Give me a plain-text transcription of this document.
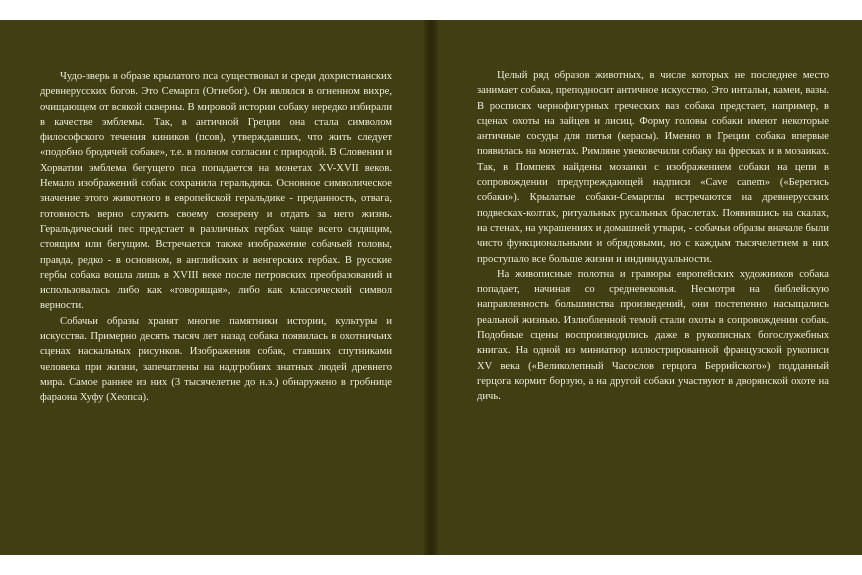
Чудо-зверь в образе крылатого пса существовал и среди дохристианских древнерусских богов. Это Семаргл (Огнебог). Он являлся в огненном вихре, очищающем от всякой скверны. В мировой истории собаку нередко избирали в качестве эмблемы. Так, в античной Греции она стала символом философского течения киников (псов), утверждавших, что жить следует «подобно бродячей собаке», т.е. в полном согласии с природой. В Словении и Хорватии эмблема бегущего пса попадается на монетах XV-XVII веков. Немало изображений собак сохранила геральдика. Основное символическое значение этого животного в европейской геральдике - преданность, отвага, готовность верно служить своему сюзерену и отдать за него жизнь. Геральдический пес предстает в различных гербах чаще всего сидящим, стоящим или бегущим. Встречается также изображение собачьей головы, правда, редко - в основном, в английских и венгерских гербах. В русские гербы собака вошла лишь в XVIII веке после петровских преобразований и использовалась либо как «говорящая», либо как классический символ верности.

Собачьи образы хранят многие памятники истории, культуры и искусства. Примерно десять тысяч лет назад собака появилась в охотничьих сценах наскальных рисунков. Изображения собак, ставших спутниками человека при жизни, запечатлены на надгробиях знатных людей древнего мира. Самое раннее из них (3 тысячелетие до н.э.) обнаружено в гробнице фараона Хуфу (Хеопса).

Целый ряд образов животных, в числе которых не последнее место занимает собака, преподносит античное искусство. Это интальи, камеи, вазы. В росписях чернофигурных греческих ваз собака предстает, например, в сценах охоты на зайцев и лисиц. Форму головы собаки имеют некоторые античные сосуды для питья (керасы). Именно в Греции собака впервые появилась на монетах. Римляне увековечили собаку на фресках и в мозаиках. Так, в Помпеях найдены мозаики с изображением собаки на цепи в сопровождении предупреждающей надписи «Cave canem» («Берегись собаки»). Крылатые собаки-Семарглы встречаются на древнерусских подвесках-колтах, ритуальных русальных браслетах. Появившись на скалах, на стенах, на украшениях и домашней утвари, - собачьи образы вначале были чисто функциональными и обрядовыми, но с каждым тысячелетием в них проступало все больше жизни и индивидуальности.

На живописные полотна и гравюры европейских художников собака попадает, начиная со средневековья. Несмотря на библейскую направленность большинства произведений, они постепенно насыщались реальной жизнью. Излюбленной темой стали охоты в сопровождении собак. Подобные сцены воспроизводились даже в рукописных богослужебных книгах. На одной из миниатюр иллюстрированной французской рукописи XV века («Великолепный Часослов герцога Беррийского») подданный герцога кормит борзую, а на другой собаки участвуют в дворянской охоте на дичь.
